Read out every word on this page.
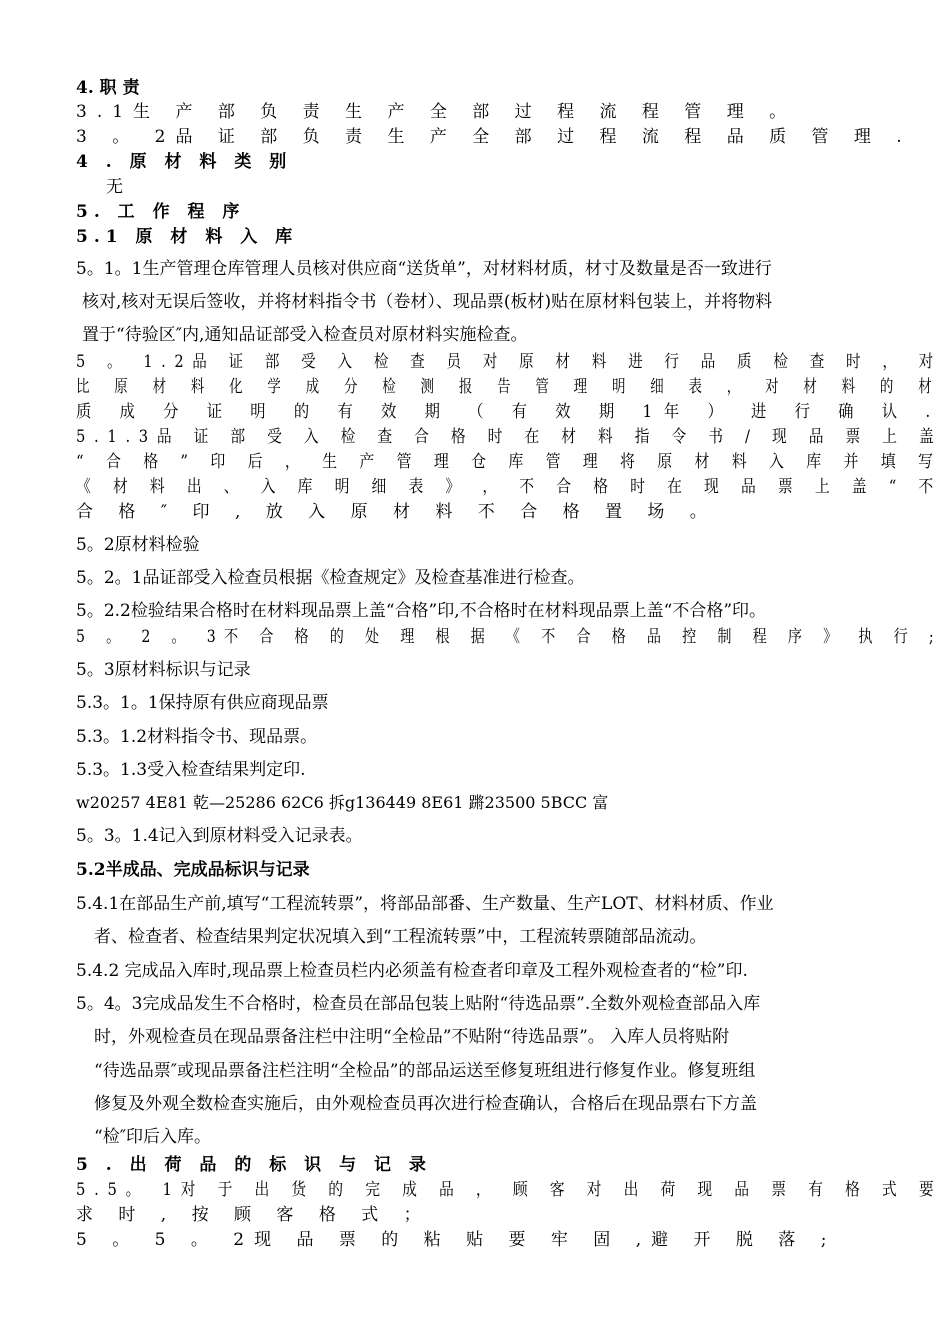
4. 职 责
3.1生 产 部 负 责 生 产 全 部 过 程 流 程 管 理 。
3 。 2品 证 部 负 责 生 产 全 部 过 程 流 程 品 质 管 理 .
4 . 原 材 料 类 别
无
5. 工 作 程 序
5.1 原 材 料 入 库
5。1。1生产管理仓库管理人员核对供应商“送货单”，对材料材质，材寸及数量是否一致进行
核对,核对无误后签收，并将材料指令书（卷材）、现品票(板材)贴在原材料包装上，并将物料
置于“待验区″内,通知品证部受入检查员对原材料实施检查。
5 。 1.2品 证 部 受 入 检 查 员 对 原 材 料 进 行 品 质 检 查 时 ， 对
比 原 材 料 化 学 成 分 检 测 报 告 管 理 明 细 表 ， 对 材 料 的 材
质 成 分 证 明 的 有 效 期 （ 有 效 期 1年 ） 进 行 确 认 .
5.1.3品 证 部 受 入 检 查 合 格 时 在 材 料 指 令 书 / 现 品 票 上 盖
“ 合 格 ” 印 后 ， 生 产 管 理 仓 库 管 理 将 原 材 料 入 库 并 填 写
《 材 料 出 、 入 库 明 细 表 》 ， 不 合 格 时 在 现 品 票 上 盖 “ 不
合 格 ″ 印 , 放 入 原 材 料 不 合 格 置 场 。
5。2原材料检验
5。2。1品证部受入检查员根据《检查规定》及检查基准进行检查。
5。2.2检验结果合格时在材料现品票上盖“合格”印,不合格时在材料现品票上盖“不合格”印。
5 。 2 。 3不 合 格 的 处 理 根 据 《 不 合 格 品 控 制 程 序 》 执 行 ;
5。3原材料标识与记录
5.3。1。1保持原有供应商现品票
5.3。1.2材料指令书、现品票。
5.3。1.3受入检查结果判定印.
w20257 4E81 乾—25286 62C6 拆g136449 8E61 蹡23500 5BCC 富
5。3。1.4记入到原材料受入记录表。
5.2半成品、完成品标识与记录
5.4.1在部品生产前,填写“工程流转票”，将部品部番、生产数量、生产LOT、材料材质、作业
者、检查者、检查结果判定状况填入到“工程流转票”中，工程流转票随部品流动。
5.4.2 完成品入库时,现品票上检查员栏内必须盖有检查者印章及工程外观检查者的“检”印.
5。4。3完成品发生不合格时，检查员在部品包装上贴附“待选品票”.全数外观检查部品入库
时，外观检查员在现品票备注栏中注明“全检品”不贴附“待选品票”。 入库人员将贴附
“待选品票″或现品票备注栏注明“全检品”的部品运送至修复班组进行修复作业。修复班组
修复及外观全数检查实施后，由外观检查员再次进行检查确认，合格后在现品票右下方盖
“检″印后入库。
5 . 出 荷 品 的 标 识 与 记 录
5.5。 1对 于 出 货 的 完 成 品 ， 顾 客 对 出 荷 现 品 票 有 格 式 要
求 时 , 按 顾 客 格 式 ；
5 。 5 。 2现 品 票 的 粘 贴 要 牢 固 ,避 开 脱 落 ;
